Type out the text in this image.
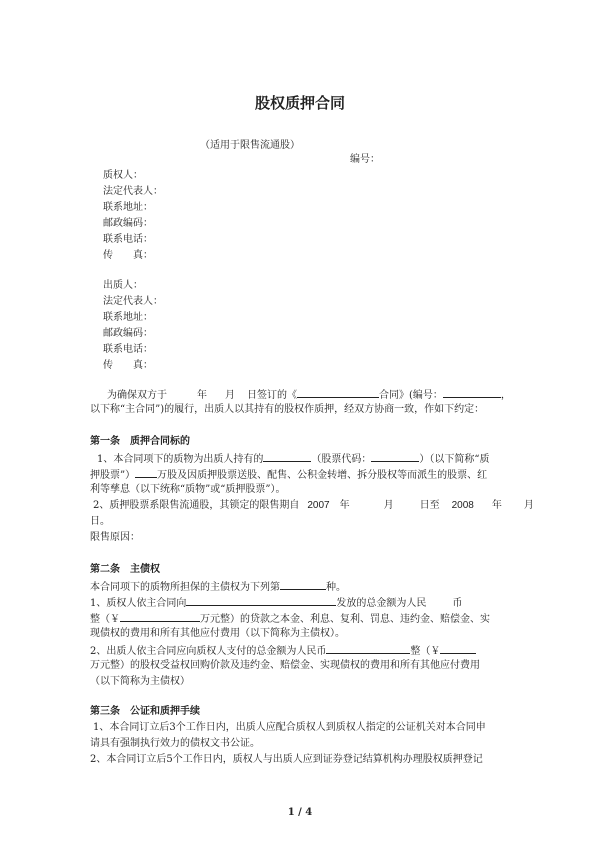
股权质押合同
（适用于限售流通股）
编号：
质权人：
法定代表人：
联系地址：
邮政编码：
联系电话：
传　　真：
出质人：
法定代表人：
联系地址：
邮政编码：
联系电话：
传　　真：
为确保双方于	年 月 日签订的《	合同》(编号：	，
以下称“主合同”)的履行，出质人以其持有的股权作质押，经双方协商一致，作如下约定：
第一条　质押合同标的
1、本合同项下的质物为出质人持有的	（股票代码：	）（以下简称“质
押股票”） 万股及因质押股票送股、配售、公积金转增、拆分股权等而派生的股票、红
利等孳息（以下统称“质物”或“质押股票”）。
2、质押股票系限售流通股，其锁定的限售期自 2007 年	月	日至 2008 年 月
日。
限售原因：
第二条　主债权
本合同项下的质物所担保的主债权为下列第	种。
1、质权人依主合同向	发放的总金额为人民	币
整（￥	万元整）的贷款之本金、利息、复利、罚息、违约金、赔偿金、实
现债权的费用和所有其他应付费用（以下简称为主债权）。
2、出质人依主合同应向质权人支付的总金额为人民币	整（￥
万元整）的股权受益权回购价款及违约金、赔偿金、实现债权的费用和所有其他应付费用
（以下简称为主债权）
第三条　公证和质押手续
1、本合同订立后3个工作日内，出质人应配合质权人到质权人指定的公证机关对本合同申
请具有强制执行效力的债权文书公证。
2、本合同订立后5个工作日内，质权人与出质人应到证券登记结算机构办理股权质押登记
1 / 4
